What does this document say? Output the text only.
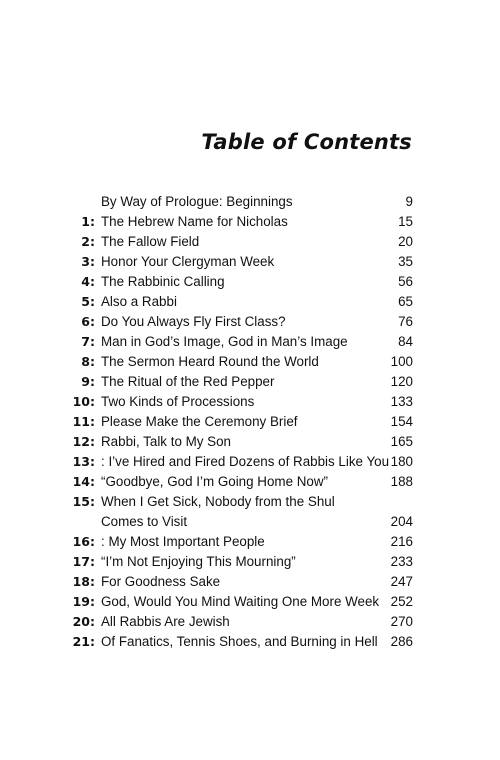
Table of Contents
By Way of Prologue: Beginnings	9
1: The Hebrew Name for Nicholas	15
2: The Fallow Field	20
3: Honor Your Clergyman Week	35
4: The Rabbinic Calling	56
5: Also a Rabbi	65
6: Do You Always Fly First Class?	76
7: Man in God’s Image, God in Man’s Image	84
8: The Sermon Heard Round the World	100
9: The Ritual of the Red Pepper	120
10: Two Kinds of Processions	133
11: Please Make the Ceremony Brief	154
12: Rabbi, Talk to My Son	165
13: : I’ve Hired and Fired Dozens of Rabbis Like You 180
14: “Goodbye, God I’m Going Home Now”	188
15: When I Get Sick, Nobody from the Shul
Comes to Visit	204
16: : My Most Important People	216
17: “I’m Not Enjoying This Mourning”	233
18: For Goodness Sake	247
19: God, Would You Mind Waiting One More Week 252
20: All Rabbis Are Jewish	270
21: Of Fanatics, Tennis Shoes, and Burning in Hell 286
